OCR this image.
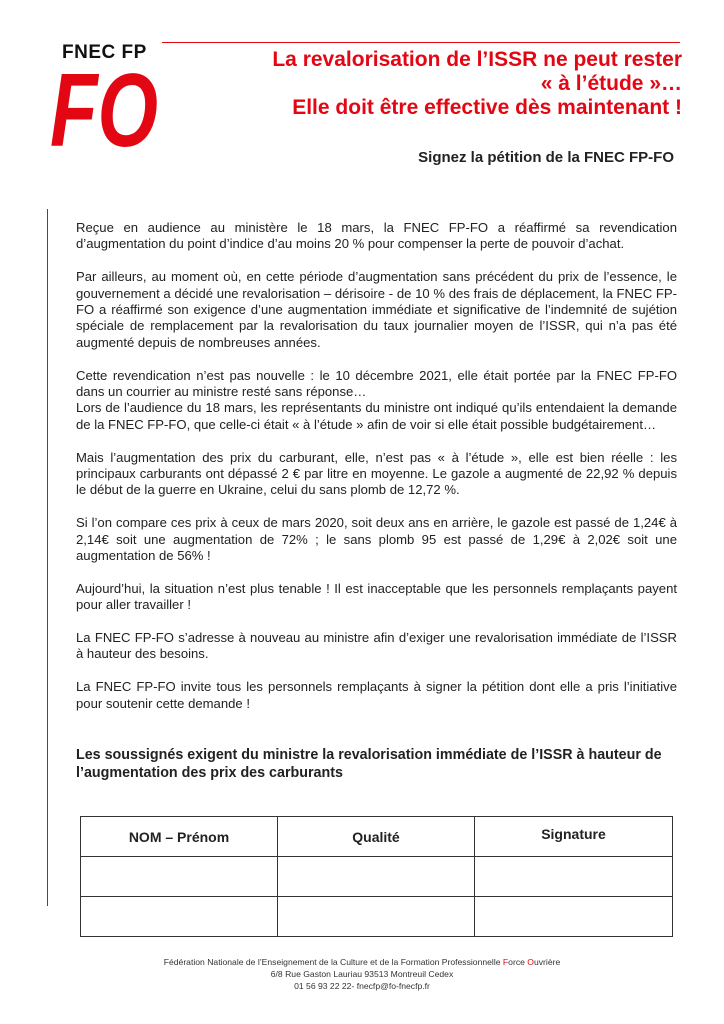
FNEC FP
FO	La revalorisation de l’ISSR ne peut rester
« à l’étude »…
Elle doit être effective dès maintenant !
Signez la pétition de la FNEC FP-FO

Reçue en audience au ministère le 18 mars, la FNEC FP-FO a réaffirmé sa revendication d’augmentation du point d’indice d’au moins 20 % pour compenser la perte de pouvoir d’achat.

Par ailleurs, au moment où, en cette période d’augmentation sans précédent du prix de l’essence, le gouvernement a décidé une revalorisation – dérisoire - de 10 % des frais de déplacement, la FNEC FP-FO a réaffirmé son exigence d’une augmentation immédiate et significative de l’indemnité de sujétion spéciale de remplacement par la revalorisation du taux journalier moyen de l’ISSR, qui n’a pas été augmenté depuis de nombreuses années.

Cette revendication n’est pas nouvelle : le 10 décembre 2021, elle était portée par la FNEC FP-FO dans un courrier au ministre resté sans réponse…

Lors de l’audience du 18 mars, les représentants du ministre ont indiqué qu’ils entendaient la demande de la FNEC FP-FO, que celle-ci était « à l’étude » afin de voir si elle était possible budgétairement…

Mais l’augmentation des prix du carburant, elle, n’est pas « à l’étude », elle est bien réelle : les principaux carburants ont dépassé 2 € par litre en moyenne. Le gazole a augmenté de 22,92 % depuis le début de la guerre en Ukraine, celui du sans plomb de 12,72 %.

Si l’on compare ces prix à ceux de mars 2020, soit deux ans en arrière, le gazole est passé de 1,24€ à 2,14€ soit une augmentation de 72% ; le sans plomb 95 est passé de 1,29€ à 2,02€ soit une augmentation de 56% !

Aujourd’hui, la situation n’est plus tenable ! Il est inacceptable que les personnels remplaçants payent pour aller travailler !

La FNEC FP-FO s’adresse à nouveau au ministre afin d’exiger une revalorisation immédiate de l’ISSR à hauteur des besoins.

La FNEC FP-FO invite tous les personnels remplaçants à signer la pétition dont elle a pris l’initiative pour soutenir cette demande !

Les soussignés exigent du ministre la revalorisation immédiate de l’ISSR à hauteur de l’augmentation des prix des carburants
NOM – Prénom	Qualité	Signature

Fédération Nationale de l’Enseignement de la Culture et de la Formation Professionnelle Force Ouvrière
6/8 Rue Gaston Lauriau 93513 Montreuil Cedex
01 56 93 22 22- fnecfp@fo-fnecfp.fr
